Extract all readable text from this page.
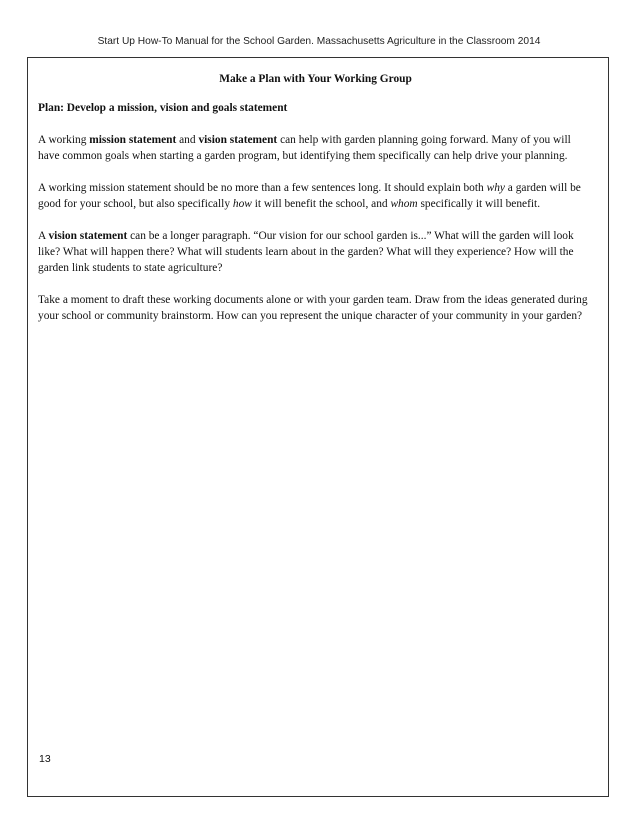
Start Up How-To Manual for the School Garden. Massachusetts Agriculture in the Classroom 2014
Make a Plan with Your Working Group
Plan: Develop a mission, vision and goals statement

A working mission statement and vision statement can help with garden planning going forward. Many of you will have common goals when starting a garden program, but identifying them specifically can help drive your planning.

A working mission statement should be no more than a few sentences long. It should explain both why a garden will be good for your school, but also specifically how it will benefit the school, and whom specifically it will benefit.

A vision statement can be a longer paragraph. “Our vision for our school garden is...” What will the garden will look like? What will happen there? What will students learn about in the garden? What will they experience? How will the garden link students to state agriculture?

Take a moment to draft these working documents alone or with your garden team. Draw from the ideas generated during your school or community brainstorm. How can you represent the unique character of your community in your garden?

13
